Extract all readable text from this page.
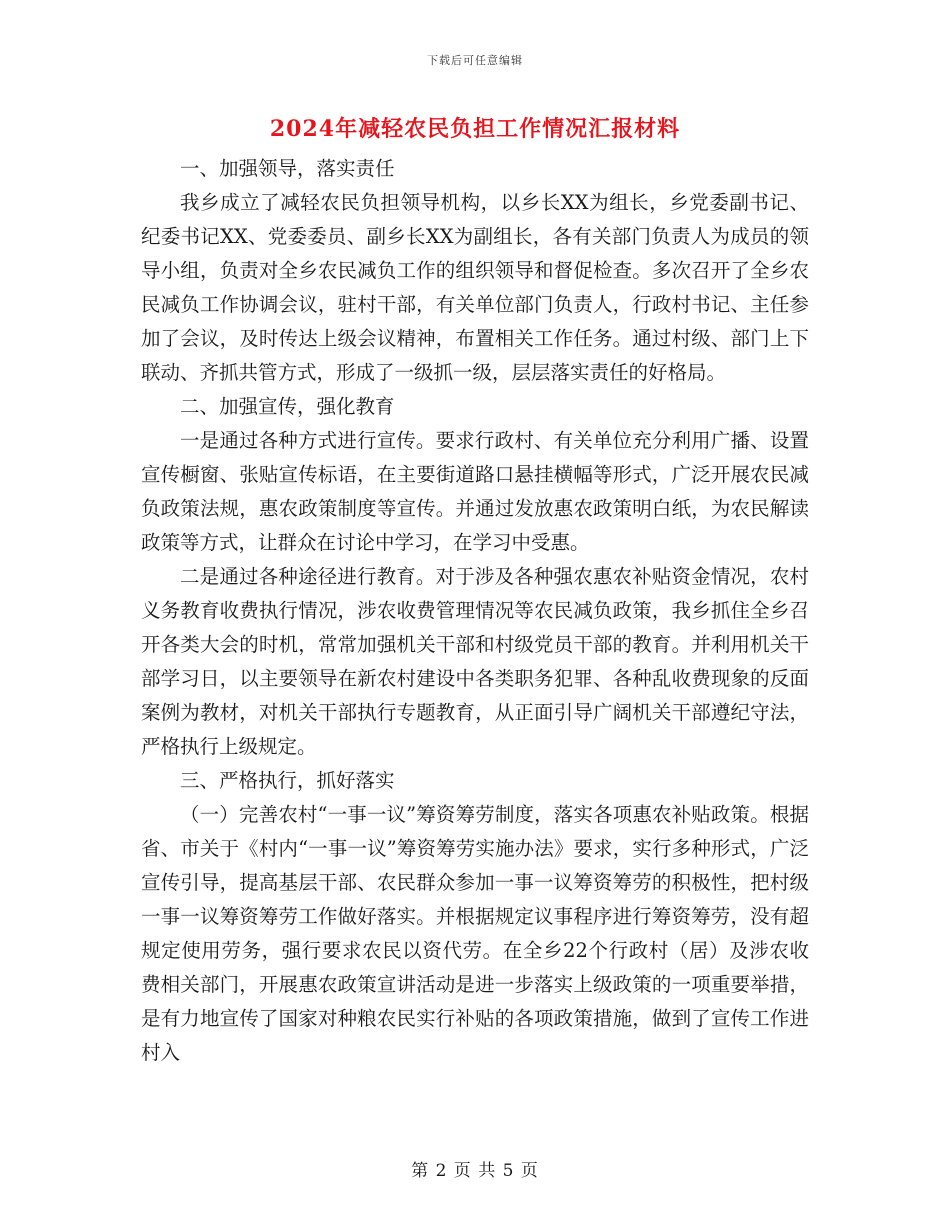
下载后可任意编辑
2024年减轻农民负担工作情况汇报材料

一、加强领导，落实责任

我乡成立了减轻农民负担领导机构，以乡长XX为组长，乡党委副书记、纪委书记XX、党委委员、副乡长XX为副组长，各有关部门负责人为成员的领导小组，负责对全乡农民减负工作的组织领导和督促检查。多次召开了全乡农民减负工作协调会议，驻村干部，有关单位部门负责人，行政村书记、主任参加了会议，及时传达上级会议精神，布置相关工作任务。通过村级、部门上下联动、齐抓共管方式，形成了一级抓一级，层层落实责任的好格局。

二、加强宣传，强化教育

一是通过各种方式进行宣传。要求行政村、有关单位充分利用广播、设置宣传橱窗、张贴宣传标语，在主要街道路口悬挂横幅等形式，广泛开展农民减负政策法规，惠农政策制度等宣传。并通过发放惠农政策明白纸，为农民解读政策等方式，让群众在讨论中学习，在学习中受惠。

二是通过各种途径进行教育。对于涉及各种强农惠农补贴资金情况，农村义务教育收费执行情况，涉农收费管理情况等农民减负政策，我乡抓住全乡召开各类大会的时机，常常加强机关干部和村级党员干部的教育。并利用机关干部学习日，以主要领导在新农村建设中各类职务犯罪、各种乱收费现象的反面案例为教材，对机关干部执行专题教育，从正面引导广阔机关干部遵纪守法，严格执行上级规定。

三、严格执行，抓好落实

（一）完善农村“一事一议”筹资筹劳制度，落实各项惠农补贴政策。根据省、市关于《村内“一事一议”筹资筹劳实施办法》要求，实行多种形式，广泛宣传引导，提高基层干部、农民群众参加一事一议筹资筹劳的积极性，把村级一事一议筹资筹劳工作做好落实。并根据规定议事程序进行筹资筹劳，没有超规定使用劳务，强行要求农民以资代劳。在全乡22个行政村（居）及涉农收费相关部门，开展惠农政策宣讲活动是进一步落实上级政策的一项重要举措，是有力地宣传了国家对种粮农民实行补贴的各项政策措施，做到了宣传工作进村入

第 2 页 共 5 页
